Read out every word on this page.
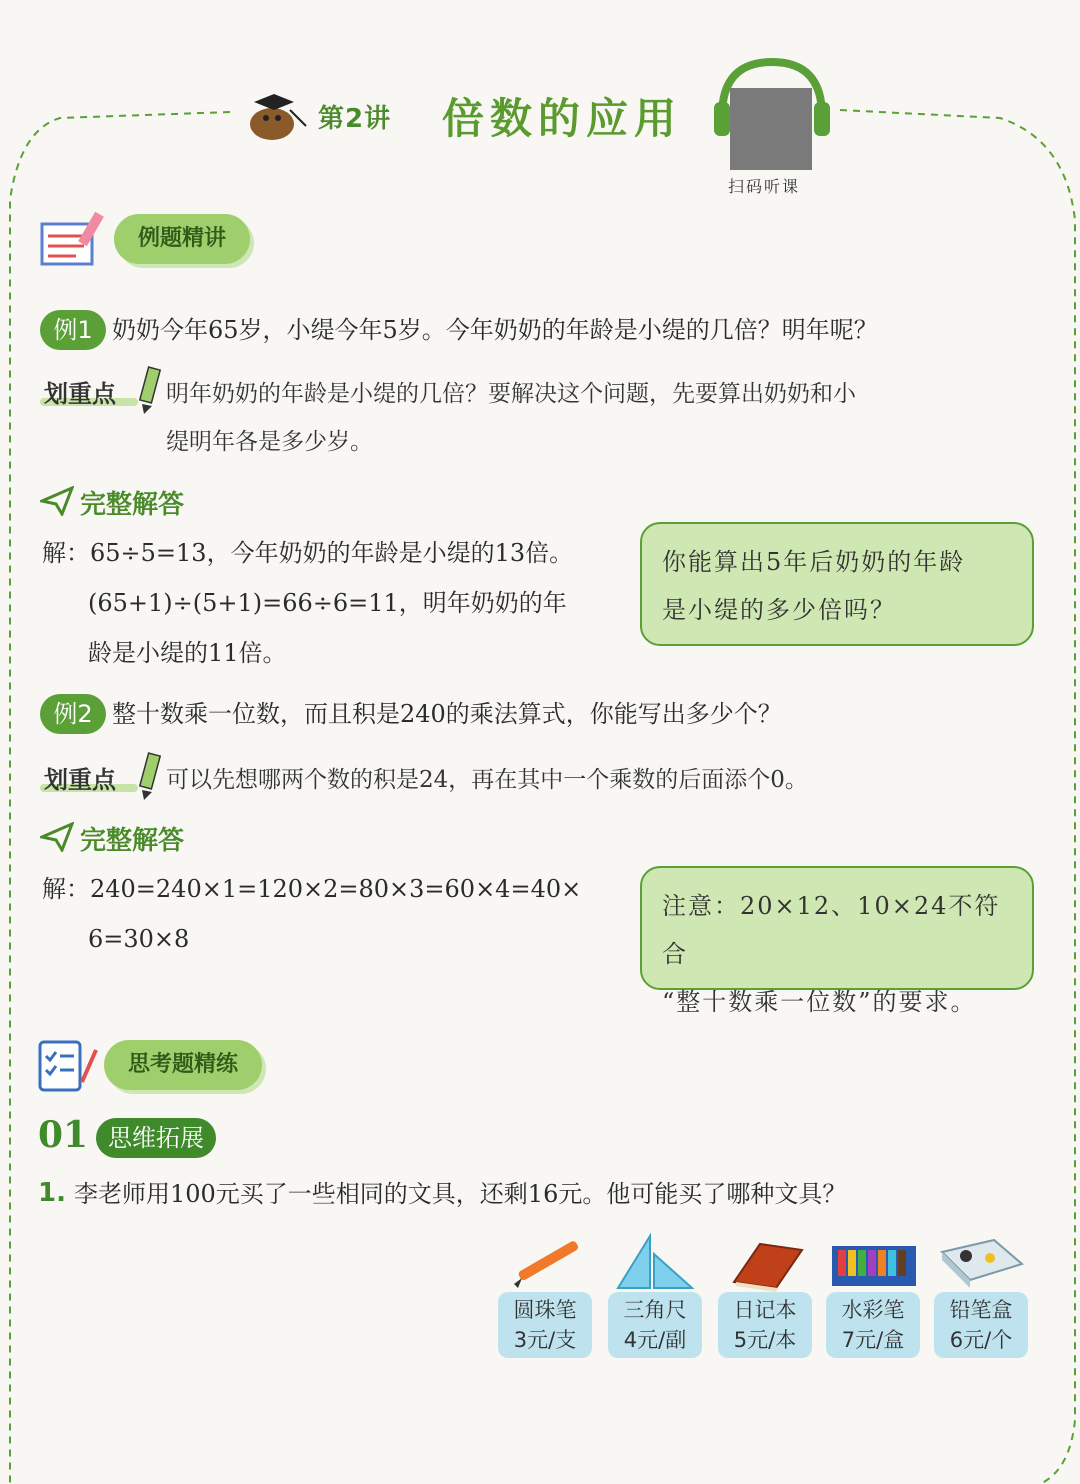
第2讲 倍数的应用
扫码听课
例题精讲
例1 奶奶今年65岁，小缇今年5岁。今年奶奶的年龄是小缇的几倍？明年呢？
划重点 明年奶奶的年龄是小缇的几倍？要解决这个问题，先要算出奶奶和小
缇明年各是多少岁。
完整解答
解：65÷5=13，今年奶奶的年龄是小缇的13倍。
(65+1)÷(5+1)=66÷6=11，明年奶奶的年
龄是小缇的11倍。
你能算出5年后奶奶的年龄
是小缇的多少倍吗？
例2 整十数乘一位数，而且积是240的乘法算式，你能写出多少个？
划重点 可以先想哪两个数的积是24，再在其中一个乘数的后面添个0。
完整解答
解：240=240×1=120×2=80×3=60×4=40×
6=30×8
注意：20×12、10×24不符合
“整十数乘一位数”的要求。
思考题精练
01 思维拓展
1. 李老师用100元买了一些相同的文具，还剩16元。他可能买了哪种文具？
圆珠笔
3元/支
三角尺
4元/副
日记本
5元/本
水彩笔
7元/盒
铅笔盒
6元/个
